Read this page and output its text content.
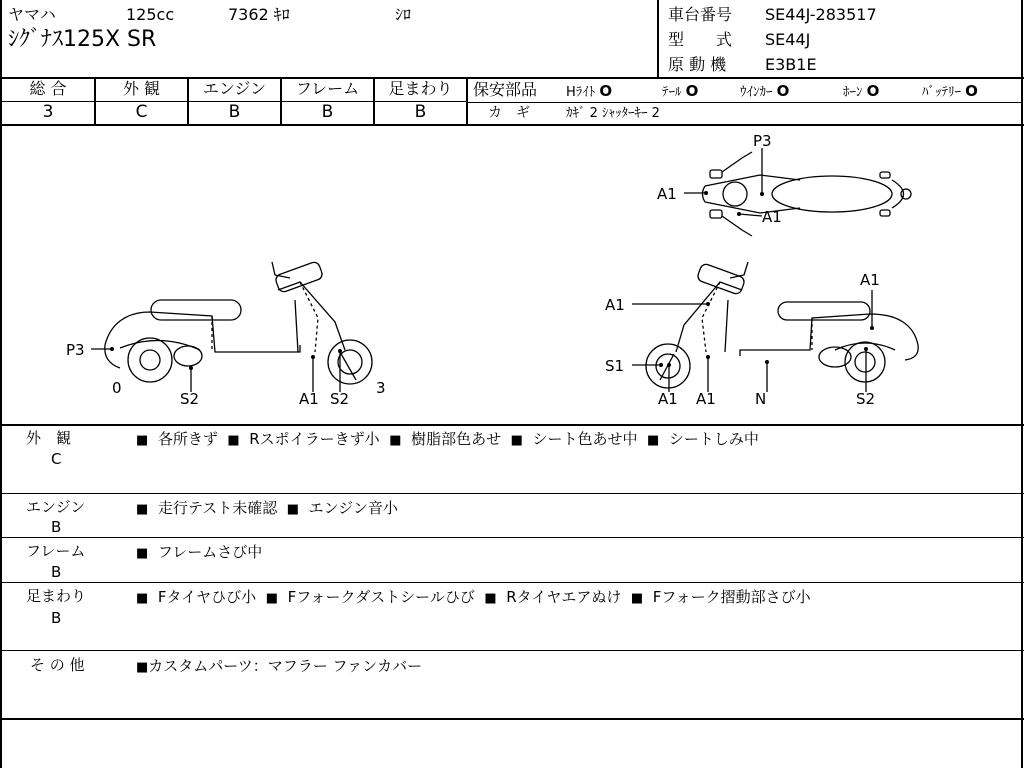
ヤマハ	125cc	7362 ｷﾛ	ｼﾛ
ｼｸﾞﾅｽ125X SR
車台番号 SE44J-283517
型　　式 SE44J
原 動 機 E3B1E
総 合	外 観	エンジン	フレーム	足まわり
3	C	B	B	B
保安部品 Hﾗｲﾄ O	ﾃｰﾙ O	ｳｲﾝｶｰ O	ﾎｰﾝ O	ﾊﾞｯﾃﾘｰ O
カ　ギ	ｶｷﾞ 2 ｼｬｯﾀｰｷｰ 2
P3
0
S2	A1 S2
3
P3
A1
A1
A1
A1
S1
A1 A1	N	S2
外　観
C
■ 各所きず ■ Rスポイラーきず小 ■ 樹脂部色あせ ■ シート色あせ中 ■ シートしみ中
エンジン
B
■ 走行テスト未確認 ■ エンジン音小
フレーム
B
■ フレームさび中
足まわり
B
■ Fタイヤひび小 ■ Fフォークダストシールひび ■ Rタイヤエアぬけ ■ Fフォーク摺動部さび小
そ の 他	■カスタムパーツ：マフラー ファンカバー
